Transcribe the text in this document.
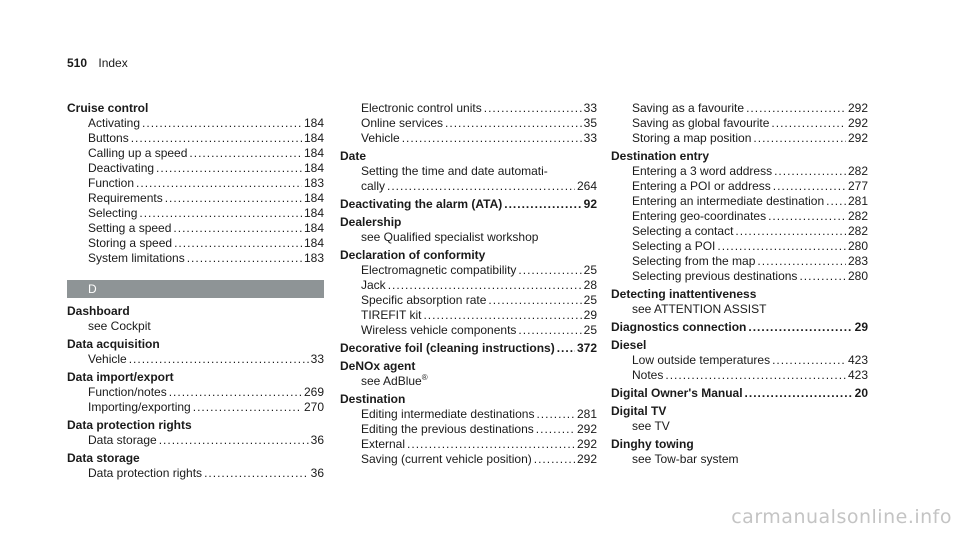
510 Index
Cruise control
Activating .....	184
Buttons .....	184
Calling up a speed .....	184
Deactivating .....	184
Function .....	183
Requirements .....	184
Selecting .....	184
Setting a speed .....	184
Storing a speed .....	184
System limitations .....	183
D
Dashboard
see Cockpit
Data acquisition
Vehicle .....	33
Data import/export
Function/notes .....	269
Importing/exporting .....	270
Data protection rights
Data storage .....	36
Data storage
Data protection rights .....	36
Electronic control units .....	33
Online services .....	35
Vehicle .....	33
Date
Setting the time and date automati-
cally .....	264
Deactivating the alarm (ATA) .....	92
Dealership
see Qualified specialist workshop
Declaration of conformity
Electromagnetic compatibility .....	25
Jack .....	28
Specific absorption rate .....	25
TIREFIT kit .....	29
Wireless vehicle components .....	25
Decorative foil (cleaning instructions) ..... 372
DeNOx agent
see AdBlue®
Destination
Editing intermediate destinations .....	281
Editing the previous destinations .....	292
External .....	292
Saving (current vehicle position) .....	292
Saving as a favourite .....	292
Saving as global favourite .....	292
Storing a map position .....	292
Destination entry
Entering a 3 word address .....	282
Entering a POI or address .....	277
Entering an intermediate destination ..... 281
Entering geo-coordinates .....	282
Selecting a contact .....	282
Selecting a POI .....	280
Selecting from the map .....	283
Selecting previous destinations .....	280
Detecting inattentiveness
see ATTENTION ASSIST
Diagnostics connection .....	29
Diesel
Low outside temperatures .....	423
Notes .....	423
Digital Owner's Manual .....	20
Digital TV
see TV
Dinghy towing
see Tow-bar system
carmanualsonline.info
